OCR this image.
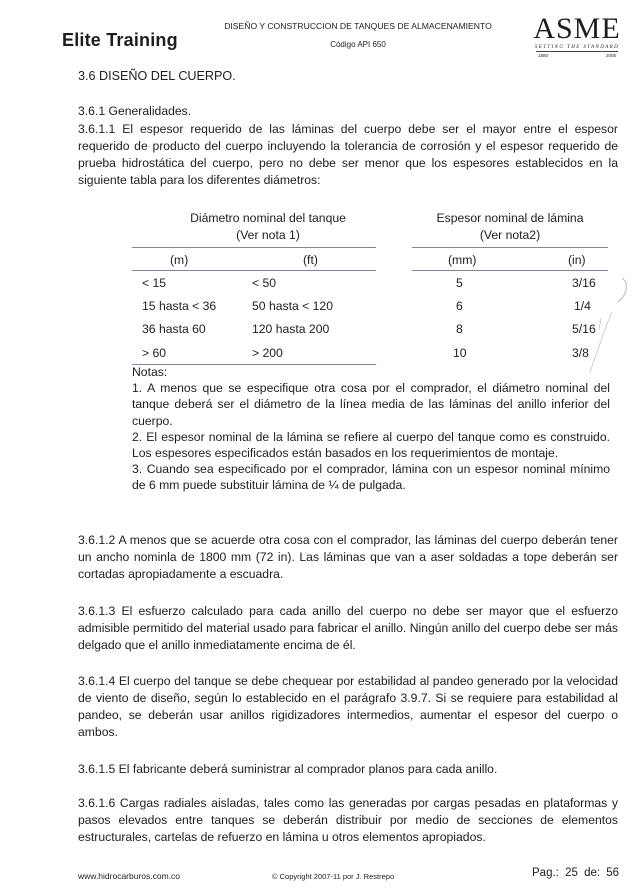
Elite Training
DISEÑO Y CONSTRUCCION DE TANQUES DE ALMACENAMIENTO
Código API 650	ASME
SETTING THE STANDARD
1880	2005
3.6 DISEÑO DEL CUERPO.
3.6.1 Generalidades.

3.6.1.1 El espesor requerido de las láminas del cuerpo debe ser el mayor entre el espesor requerido de producto del cuerpo incluyendo la tolerancia de corrosión y el espesor requerido de prueba hidrostática del cuerpo, pero no debe ser menor que los espesores establecidos en la siguiente tabla para los diferentes diámetros:

Diámetro nominal del tanque
(Ver nota 1)
Espesor nominal de lámina
(Ver nota2)
(m)	(ft)	(mm)	(in)
< 15	< 50	5	3/16
15 hasta < 36	50 hasta < 120	6	1/4
36 hasta 60	120 hasta 200	8	5/16
> 60	> 200	10	3/8
Notas:

1. A menos que se especifique otra cosa por el comprador, el diámetro nominal del tanque deberá ser el diámetro de la línea media de las láminas del anillo inferior del cuerpo.

2. El espesor nominal de la lámina se refiere al cuerpo del tanque como es construido. Los espesores especificados están basados en los requerimientos de montaje.

3. Cuando sea especificado por el comprador, lámina con un espesor nominal mínimo de 6 mm puede substituir lámina de ¼ de pulgada.

3.6.1.2 A menos que se acuerde otra cosa con el comprador, las láminas del cuerpo deberán tener un ancho nominla de 1800 mm (72 in). Las láminas que van a aser soldadas a tope deberán ser cortadas apropiadamente a escuadra.

3.6.1.3 El esfuerzo calculado para cada anillo del cuerpo no debe ser mayor que el esfuerzo admisible permitido del material usado para fabricar el anillo. Ningún anillo del cuerpo debe ser más delgado que el anillo inmediatamente encima de él.

3.6.1.4 El cuerpo del tanque se debe chequear por estabilidad al pandeo generado por la velocidad de viento de diseño, según lo establecido en el parágrafo 3.9.7. Si se requiere para estabilidad al pandeo, se deberán usar anillos rigidizadores intermedios, aumentar el espesor del cuerpo o ambos.

3.6.1.5 El fabricante deberá suministrar al comprador planos para cada anillo.

3.6.1.6 Cargas radiales aisladas, tales como las generadas por cargas pesadas en plataformas y pasos elevados entre tanques se deberán distribuir por medio de secciones de elementos estructurales, cartelas de refuerzo en lámina u otros elementos apropiados.

www.hidrocarburos.com.co	© Copyright 2007-11 por J. Restrepo	Pag.: 25 de: 56
